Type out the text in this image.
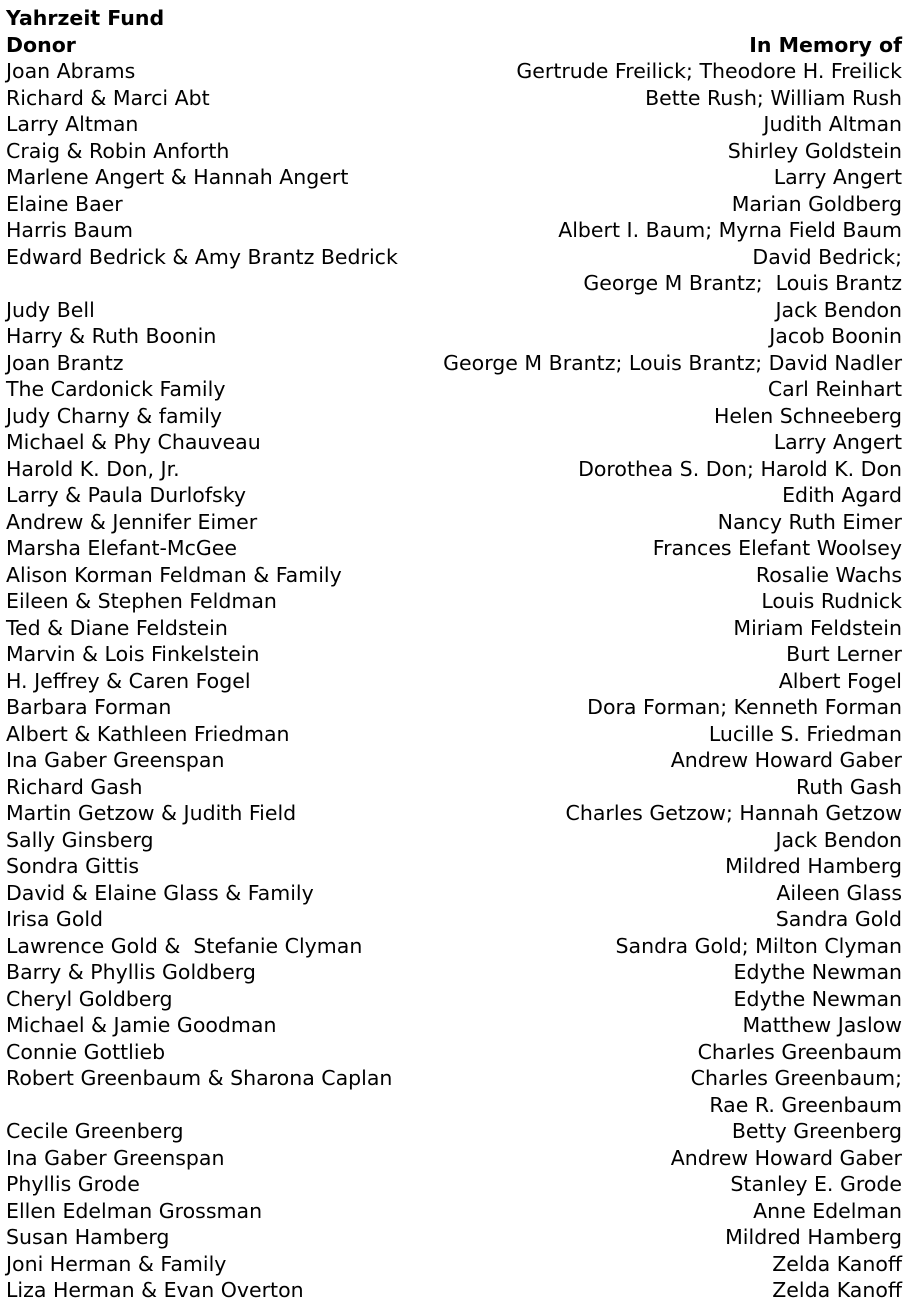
Yahrzeit Fund
Donor	In Memory of
Joan Abrams	Gertrude Freilick; Theodore H. Freilick
Richard & Marci Abt	Bette Rush; William Rush
Larry Altman	Judith Altman
Craig & Robin Anforth	Shirley Goldstein
Marlene Angert & Hannah Angert	Larry Angert
Elaine Baer	Marian Goldberg
Harris Baum	Albert I. Baum; Myrna Field Baum
Edward Bedrick & Amy Brantz Bedrick	David Bedrick;
George M Brantz;  Louis Brantz
Judy Bell	Jack Bendon
Harry & Ruth Boonin	Jacob Boonin
Joan Brantz	George M Brantz; Louis Brantz; David Nadler
The Cardonick Family	Carl Reinhart
Judy Charny & family	Helen Schneeberg
Michael & Phy Chauveau	Larry Angert
Harold K. Don, Jr.	Dorothea S. Don; Harold K. Don
Larry & Paula Durlofsky	Edith Agard
Andrew & Jennifer Eimer	Nancy Ruth Eimer
Marsha Elefant-McGee	Frances Elefant Woolsey
Alison Korman Feldman & Family	Rosalie Wachs
Eileen & Stephen Feldman	Louis Rudnick
Ted & Diane Feldstein	Miriam Feldstein
Marvin & Lois Finkelstein	Burt Lerner
H. Jeffrey & Caren Fogel	Albert Fogel
Barbara Forman	Dora Forman; Kenneth Forman
Albert & Kathleen Friedman	Lucille S. Friedman
Ina Gaber Greenspan	Andrew Howard Gaber
Richard Gash	Ruth Gash
Martin Getzow & Judith Field	Charles Getzow; Hannah Getzow
Sally Ginsberg	Jack Bendon
Sondra Gittis	Mildred Hamberg
David & Elaine Glass & Family	Aileen Glass
Irisa Gold	Sandra Gold
Lawrence Gold &  Stefanie Clyman	Sandra Gold; Milton Clyman
Barry & Phyllis Goldberg	Edythe Newman
Cheryl Goldberg	Edythe Newman
Michael & Jamie Goodman	Matthew Jaslow
Connie Gottlieb	Charles Greenbaum
Robert Greenbaum & Sharona Caplan	Charles Greenbaum;
Rae R. Greenbaum
Cecile Greenberg	Betty Greenberg
Ina Gaber Greenspan	Andrew Howard Gaber
Phyllis Grode	Stanley E. Grode
Ellen Edelman Grossman	Anne Edelman
Susan Hamberg	Mildred Hamberg
Joni Herman & Family	Zelda Kanoff
Liza Herman & Evan Overton	Zelda Kanoff
